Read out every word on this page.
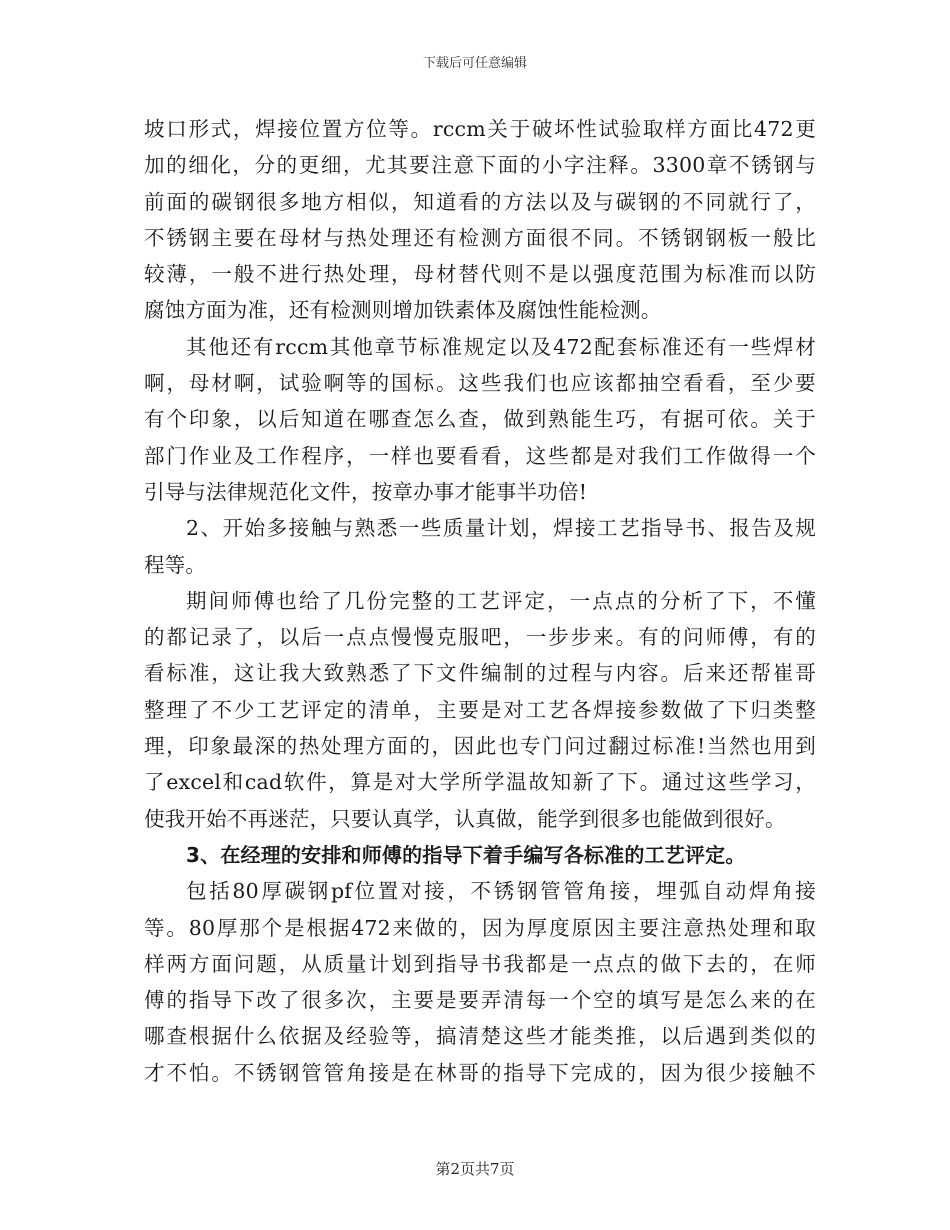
下载后可任意编辑
坡口形式，焊接位置方位等。rccm关于破坏性试验取样方面比472更
加的细化，分的更细，尤其要注意下面的小字注释。3300章不锈钢与
前面的碳钢很多地方相似，知道看的方法以及与碳钢的不同就行了，
不锈钢主要在母材与热处理还有检测方面很不同。不锈钢钢板一般比
较薄，一般不进行热处理，母材替代则不是以强度范围为标准而以防
腐蚀方面为准，还有检测则增加铁素体及腐蚀性能检测。
其他还有rccm其他章节标准规定以及472配套标准还有一些焊材
啊，母材啊，试验啊等的国标。这些我们也应该都抽空看看，至少要
有个印象，以后知道在哪查怎么查，做到熟能生巧，有据可依。关于
部门作业及工作程序，一样也要看看，这些都是对我们工作做得一个
引导与法律规范化文件，按章办事才能事半功倍!
2、开始多接触与熟悉一些质量计划，焊接工艺指导书、报告及规
程等。
期间师傅也给了几份完整的工艺评定，一点点的分析了下，不懂
的都记录了，以后一点点慢慢克服吧，一步步来。有的问师傅，有的
看标准，这让我大致熟悉了下文件编制的过程与内容。后来还帮崔哥
整理了不少工艺评定的清单，主要是对工艺各焊接参数做了下归类整
理，印象最深的热处理方面的，因此也专门问过翻过标准!当然也用到
了excel和cad软件，算是对大学所学温故知新了下。通过这些学习，
使我开始不再迷茫，只要认真学，认真做，能学到很多也能做到很好。
3、在经理的安排和师傅的指导下着手编写各标准的工艺评定。
包括80厚碳钢pf位置对接，不锈钢管管角接，埋弧自动焊角接
等。80厚那个是根据472来做的，因为厚度原因主要注意热处理和取
样两方面问题，从质量计划到指导书我都是一点点的做下去的，在师
傅的指导下改了很多次，主要是要弄清每一个空的填写是怎么来的在
哪查根据什么依据及经验等，搞清楚这些才能类推，以后遇到类似的
才不怕。不锈钢管管角接是在林哥的指导下完成的，因为很少接触不
第2页共7页
